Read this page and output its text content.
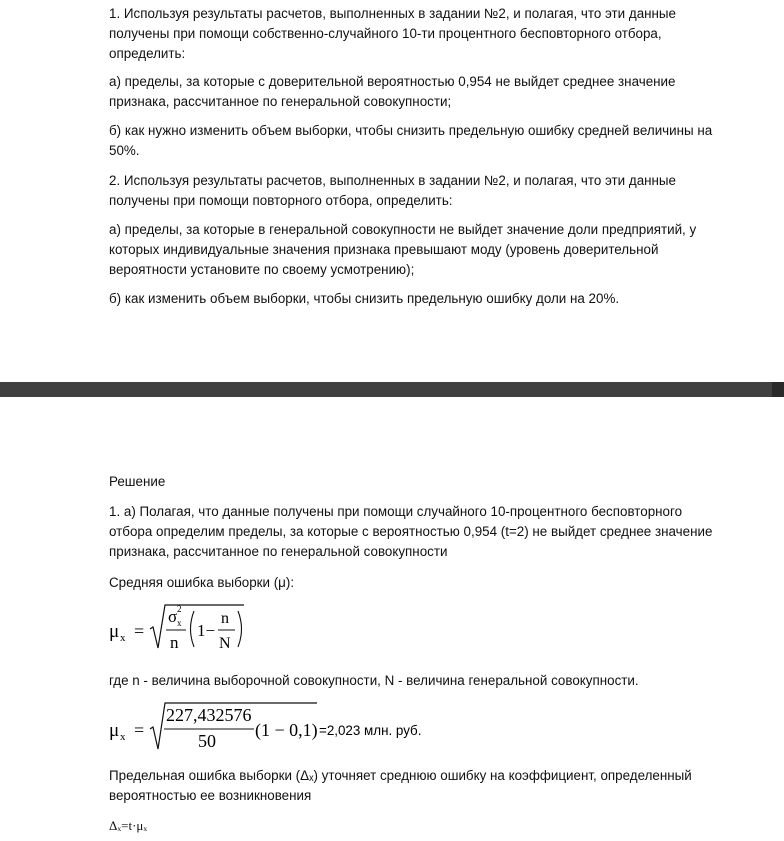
1. Используя результаты расчетов, выполненных в задании №2, и полагая, что эти данные получены при помощи собственно-случайного 10-ти процентного бесповторного отбора, определить:

а) пределы, за которые с доверительной вероятностью 0,954 не выйдет среднее значение признака, рассчитанное по генеральной совокупности;

б) как нужно изменить объем выборки, чтобы снизить предельную ошибку средней величины на 50%.

2. Используя результаты расчетов, выполненных в задании №2, и полагая, что эти данные получены при помощи повторного отбора, определить:

а) пределы, за которые в генеральной совокупности не выйдет значение доли предприятий, у которых индивидуальные значения признака превышают моду (уровень доверительной вероятности установите по своему усмотрению);

б) как изменить объем выборки, чтобы снизить предельную ошибку доли на 20%.

Решение

1. а) Полагая, что данные получены при помощи случайного 10-процентного бесповторного отбора определим пределы, за которые с вероятностью 0,954 (t=2) не выйдет среднее значение признака, рассчитанное по генеральной совокупности

Средняя ошибка выборки (μ):

μ x =
σ 2
x
n
1−
n
N

где n - величина выборочной совокупности, N - величина генеральной совокупности.

μ x =
227,432576
50
(1 − 0,1) =2,023 млн. руб.

Предельная ошибка выборки (Δₓ) уточняет среднюю ошибку на коэффициент, определенный вероятностью ее возникновения

Δₓ=t·μₓ
